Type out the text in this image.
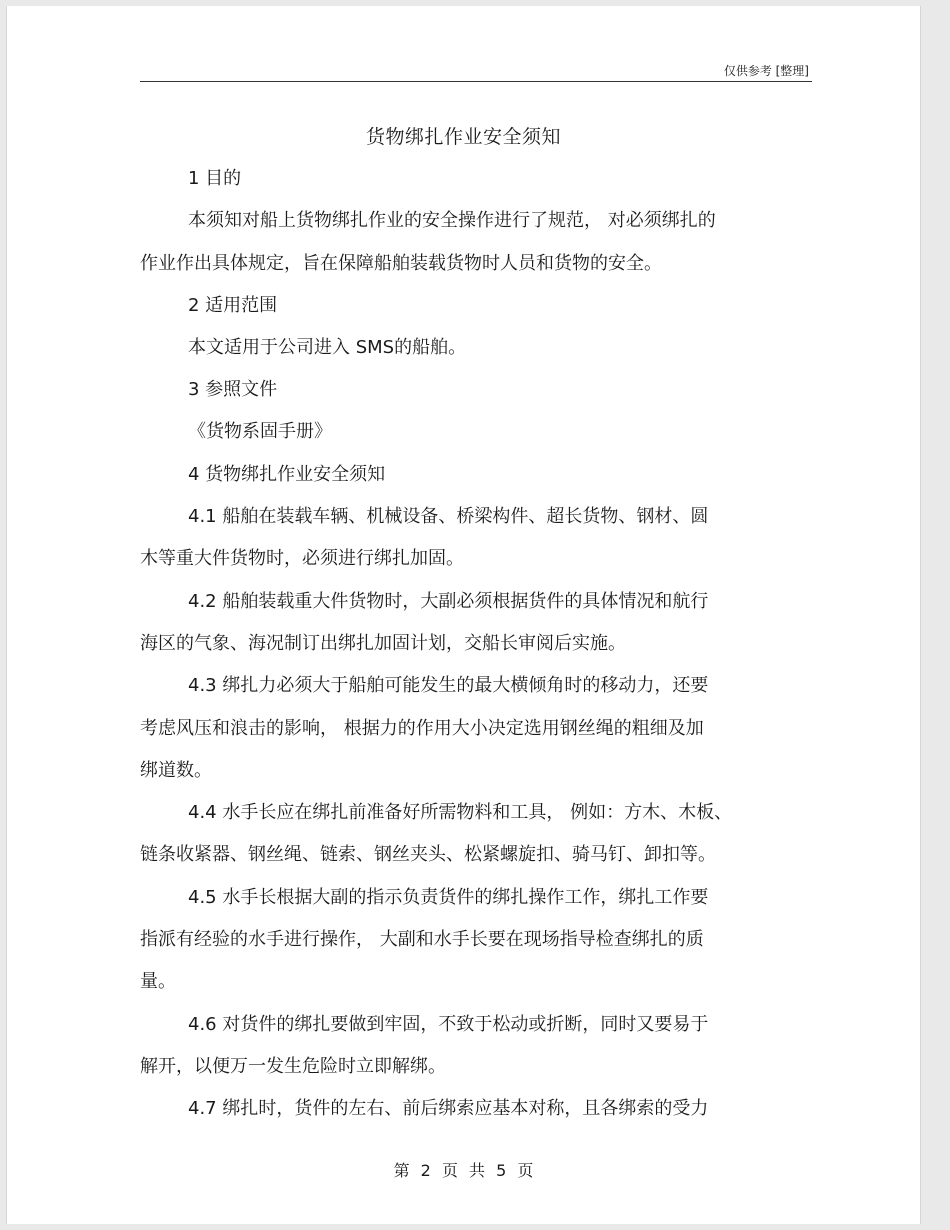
仅供参考 [整理]
货物绑扎作业安全须知
1 目的
本须知对船上货物绑扎作业的安全操作进行了规范， 对必须绑扎的
作业作出具体规定，旨在保障船舶装载货物时人员和货物的安全。
2 适用范围
本文适用于公司进入 SMS的船舶。
3 参照文件
《货物系固手册》
4 货物绑扎作业安全须知
4.1 船舶在装载车辆、机械设备、桥梁构件、超长货物、钢材、圆
木等重大件货物时，必须进行绑扎加固。
4.2 船舶装载重大件货物时，大副必须根据货件的具体情况和航行
海区的气象、海况制订出绑扎加固计划，交船长审阅后实施。
4.3 绑扎力必须大于船舶可能发生的最大横倾角时的移动力，还要
考虑风压和浪击的影响， 根据力的作用大小决定选用钢丝绳的粗细及加
绑道数。
4.4 水手长应在绑扎前准备好所需物料和工具， 例如：方木、木板、
链条收紧器、钢丝绳、链索、钢丝夹头、松紧螺旋扣、骑马钉、卸扣等。
4.5 水手长根据大副的指示负责货件的绑扎操作工作，绑扎工作要
指派有经验的水手进行操作， 大副和水手长要在现场指导检查绑扎的质
量。
4.6 对货件的绑扎要做到牢固，不致于松动或折断，同时又要易于
解开，以便万一发生危险时立即解绑。
4.7 绑扎时，货件的左右、前后绑索应基本对称，且各绑索的受力
第 2 页 共 5 页
